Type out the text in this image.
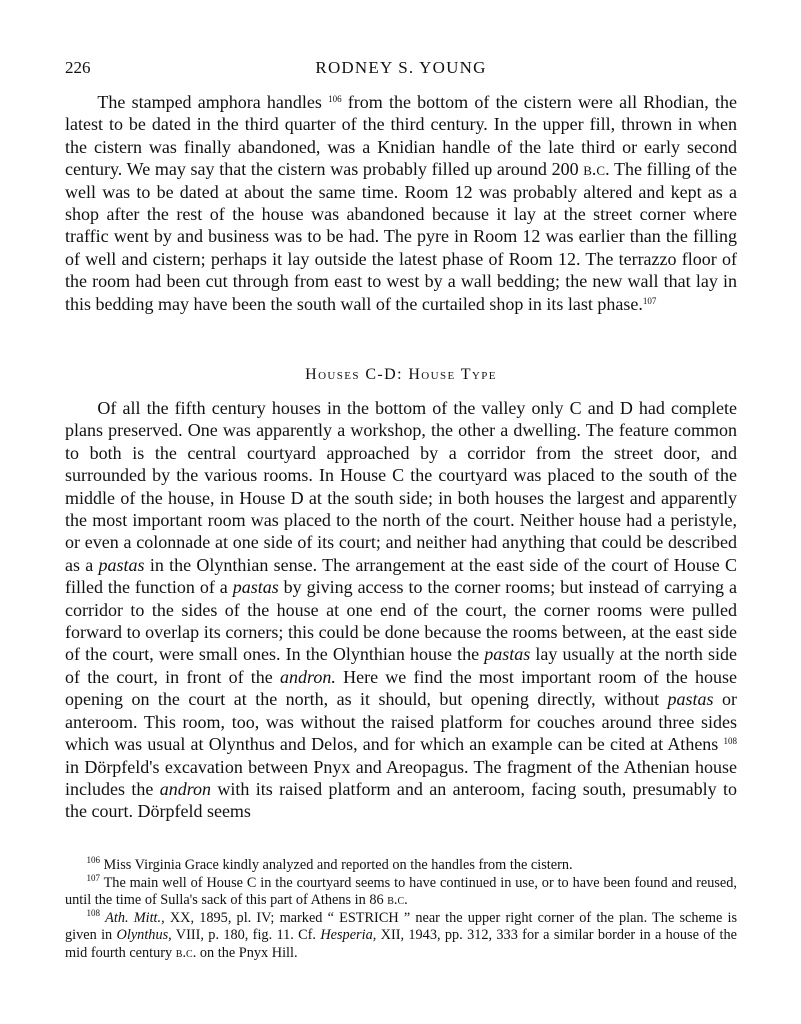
226	RODNEY S. YOUNG

The stamped amphora handles $^{106}$ from the bottom of the cistern were all Rhodian, the latest to be dated in the third quarter of the third century. In the upper fill, thrown in when the cistern was finally abandoned, was a Knidian handle of the late third or early second century. We may say that the cistern was probably filled up around 200 b.c. The filling of the well was to be dated at about the same time. Room 12 was probably altered and kept as a shop after the rest of the house was abandoned because it lay at the street corner where traffic went by and business was to be had. The pyre in Room 12 was earlier than the filling of well and cistern; perhaps it lay outside the latest phase of Room 12. The terrazzo floor of the room had been cut through from east to west by a wall bedding; the new wall that lay in this bedding may have been the south wall of the curtailed shop in its last phase.$^{107}$

Houses C-D: House Type

Of all the fifth century houses in the bottom of the valley only C and D had complete plans preserved. One was apparently a workshop, the other a dwelling. The feature common to both is the central courtyard approached by a corridor from the street door, and surrounded by the various rooms. In House C the courtyard was placed to the south of the middle of the house, in House D at the south side; in both houses the largest and apparently the most important room was placed to the north of the court. Neither house had a peristyle, or even a colonnade at one side of its court; and neither had anything that could be described as a pastas in the Olynthian sense. The arrangement at the east side of the court of House C filled the function of a pastas by giving access to the corner rooms; but instead of carrying a corridor to the sides of the house at one end of the court, the corner rooms were pulled forward to overlap its corners; this could be done because the rooms between, at the east side of the court, were small ones. In the Olynthian house the pastas lay usually at the north side of the court, in front of the andron. Here we find the most important room of the house opening on the court at the north, as it should, but opening directly, without pastas or anteroom. This room, too, was without the raised platform for couches around three sides which was usual at Olynthus and Delos, and for which an example can be cited at Athens $^{108}$ in Dörpfeld's excavation between Pnyx and Areopagus. The fragment of the Athenian house includes the andron with its raised platform and an anteroom, facing south, presumably to the court. Dörpfeld seems

$^{106}$ Miss Virginia Grace kindly analyzed and reported on the handles from the cistern.

$^{107}$ The main well of House C in the courtyard seems to have continued in use, or to have been found and reused, until the time of Sulla's sack of this part of Athens in 86 b.c.

$^{108}$ Ath. Mitt., XX, 1895, pl. IV; marked “ ESTRICH ” near the upper right corner of the plan. The scheme is given in Olynthus, VIII, p. 180, fig. 11. Cf. Hesperia, XII, 1943, pp. 312, 333 for a similar border in a house of the mid fourth century b.c. on the Pnyx Hill.
